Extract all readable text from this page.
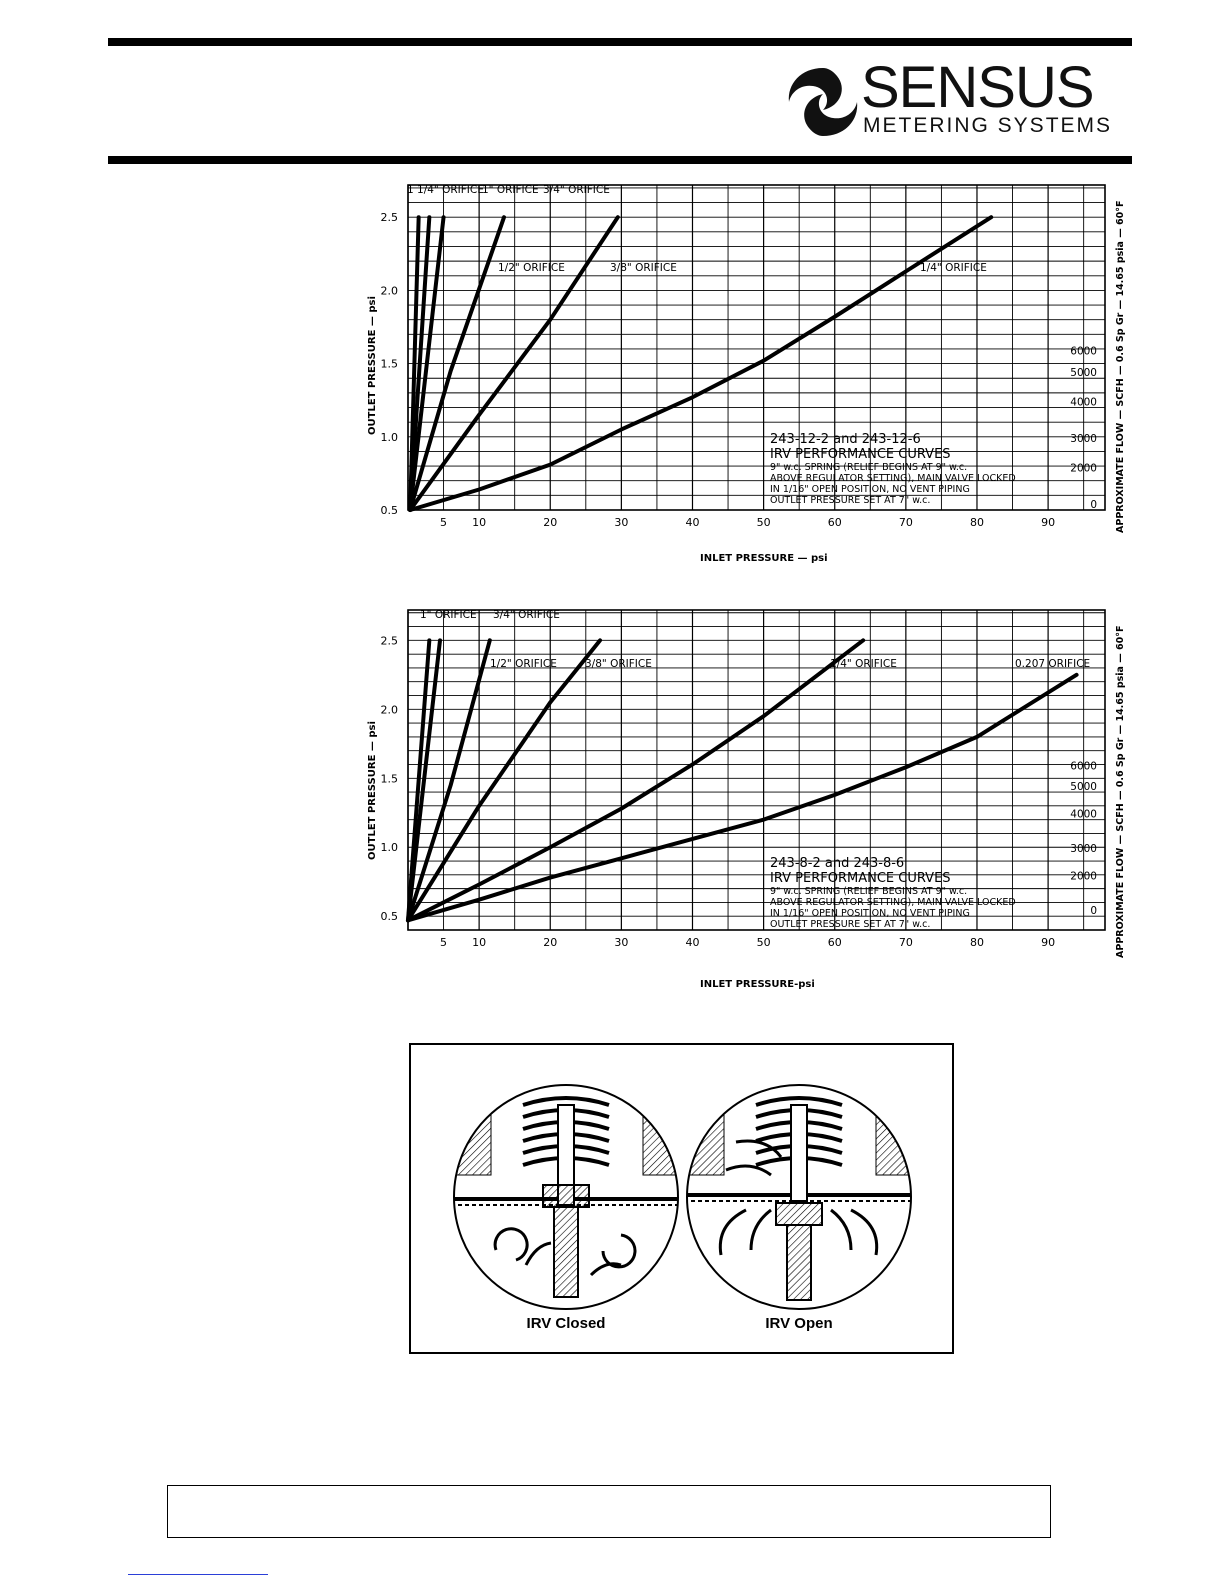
SENSUS
METERING SYSTEMS
5 10	20	30	40	50	60	70	80	90
0.5
1.0
1.5
2.0
2.5
0
2000
3000
4000
5000
6000
1 1/4" ORIFICE
1" ORIFICE 3/4" ORIFICE
1/2" ORIFICE	3/8" ORIFICE	1/4" ORIFICE
243-12-2 and 243-12-6
IRV PERFORMANCE CURVES
9" w.c. SPRING (RELIEF BEGINS AT 9" w.c.
ABOVE REGULATOR SETTING), MAIN VALVE LOCKED
IN 1/16" OPEN POSITION, NO VENT PIPING
OUTLET PRESSURE SET AT 7" w.c.
INLET PRESSURE — psi
OUTLET PRESSURE — psi	APPROXIMATE FLOW — SCFH — 0.6 Sp Gr — 14.65 psia — 60°F
5 10	20	30	40	50	60	70	80	90
0.5
1.0
1.5
2.0
2.5
0
2000
3000
4000
5000
6000
1" ORIFICE 3/4" ORIFICE
1/2" ORIFICE	3/8" ORIFICE	1/4" ORIFICE	0.207 ORIFICE
243-8-2 and 243-8-6
IRV PERFORMANCE CURVES
9" w.c. SPRING (RELIEF BEGINS AT 9" w.c.
ABOVE REGULATOR SETTING), MAIN VALVE LOCKED
IN 1/16" OPEN POSITION, NO VENT PIPING
OUTLET PRESSURE SET AT 7" w.c.
INLET PRESSURE-psi
OUTLET PRESSURE — psi	APPROXIMATE FLOW — SCFH — 0.6 Sp Gr — 14.65 psia — 60°F
IRV Closed	IRV Open
